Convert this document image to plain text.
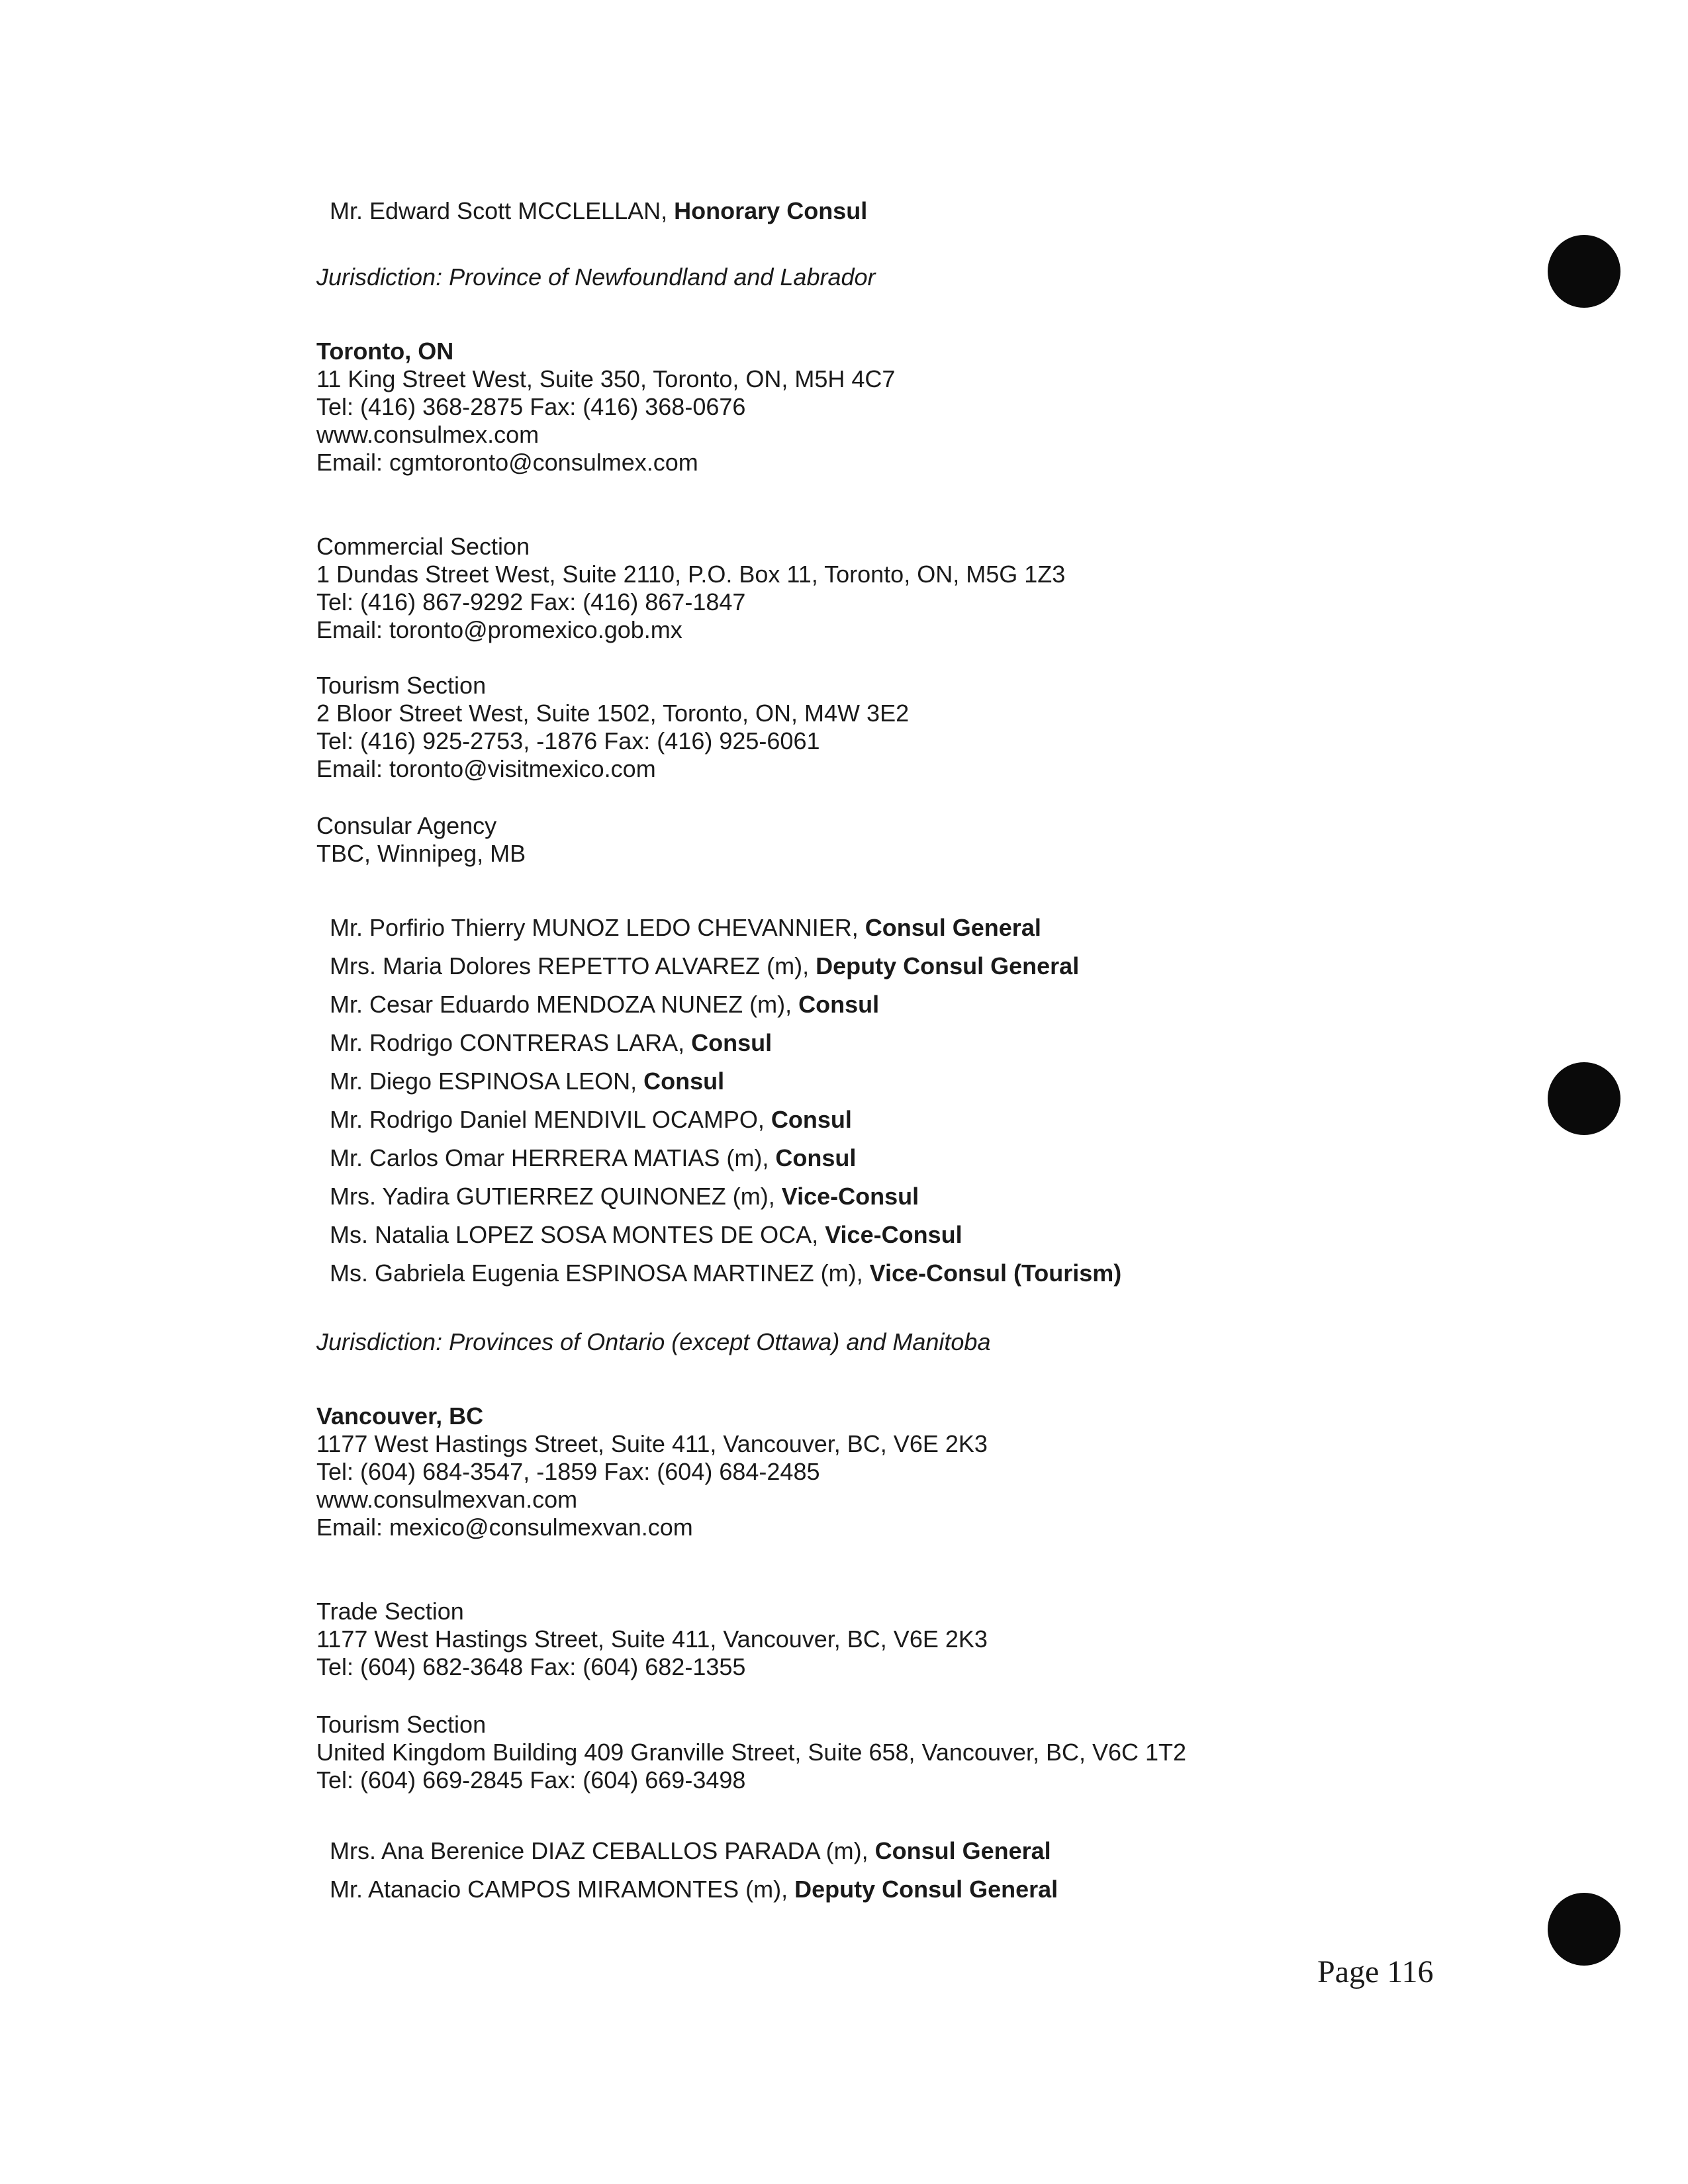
Mr. Edward Scott MCCLELLAN, Honorary Consul
Jurisdiction: Province of Newfoundland and Labrador
Toronto, ON
11 King Street West, Suite 350, Toronto, ON, M5H 4C7
Tel: (416) 368-2875 Fax: (416) 368-0676
www.consulmex.com
Email: cgmtoronto@consulmex.com
Commercial Section
1 Dundas Street West, Suite 2110, P.O. Box 11, Toronto, ON, M5G 1Z3
Tel: (416) 867-9292 Fax: (416) 867-1847
Email: toronto@promexico.gob.mx
Tourism Section
2 Bloor Street West, Suite 1502, Toronto, ON, M4W 3E2
Tel: (416) 925-2753, -1876 Fax: (416) 925-6061
Email: toronto@visitmexico.com
Consular Agency
TBC, Winnipeg, MB
Mr. Porfirio Thierry MUNOZ LEDO CHEVANNIER, Consul General
Mrs. Maria Dolores REPETTO ALVAREZ (m), Deputy Consul General
Mr. Cesar Eduardo MENDOZA NUNEZ (m), Consul
Mr. Rodrigo CONTRERAS LARA, Consul
Mr. Diego ESPINOSA LEON, Consul
Mr. Rodrigo Daniel MENDIVIL OCAMPO, Consul
Mr. Carlos Omar HERRERA MATIAS (m), Consul
Mrs. Yadira GUTIERREZ QUINONEZ (m), Vice-Consul
Ms. Natalia LOPEZ SOSA MONTES DE OCA, Vice-Consul
Ms. Gabriela Eugenia ESPINOSA MARTINEZ (m), Vice-Consul (Tourism)
Jurisdiction: Provinces of Ontario (except Ottawa) and Manitoba
Vancouver, BC
1177 West Hastings Street, Suite 411, Vancouver, BC, V6E 2K3
Tel: (604) 684-3547, -1859 Fax: (604) 684-2485
www.consulmexvan.com
Email: mexico@consulmexvan.com
Trade Section
1177 West Hastings Street, Suite 411, Vancouver, BC, V6E 2K3
Tel: (604) 682-3648 Fax: (604) 682-1355
Tourism Section
United Kingdom Building 409 Granville Street, Suite 658, Vancouver, BC, V6C 1T2
Tel: (604) 669-2845 Fax: (604) 669-3498
Mrs. Ana Berenice DIAZ CEBALLOS PARADA (m), Consul General
Mr. Atanacio CAMPOS MIRAMONTES (m), Deputy Consul General
Page 116
